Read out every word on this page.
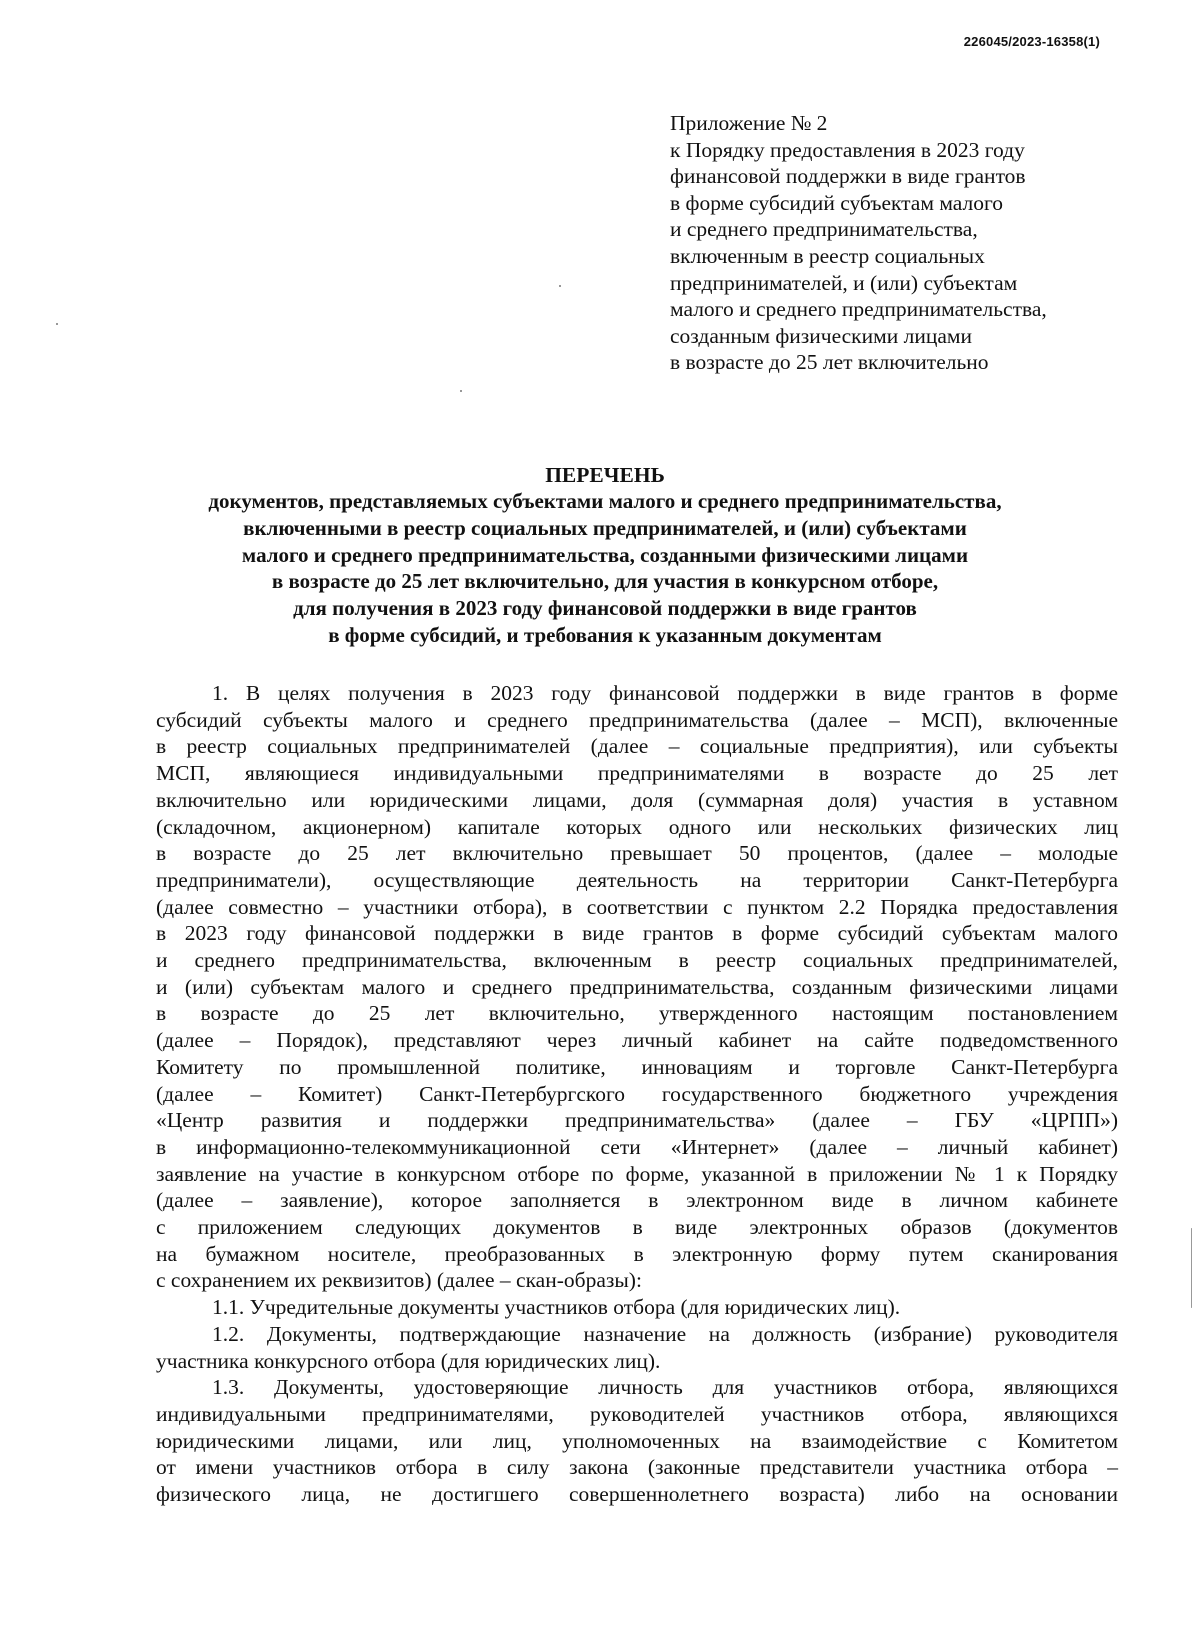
226045/2023-16358(1)
Приложение № 2
к Порядку предоставления в 2023 году
финансовой поддержки в виде грантов
в форме субсидий субъектам малого
и среднего предпринимательства,
включенным в реестр социальных
предпринимателей, и (или) субъектам
малого и среднего предпринимательства,
созданным физическими лицами
в возрасте до 25 лет включительно
ПЕРЕЧЕНЬ
документов, представляемых субъектами малого и среднего предпринимательства,
включенными в реестр социальных предпринимателей, и (или) субъектами
малого и среднего предпринимательства, созданными физическими лицами
в возрасте до 25 лет включительно, для участия в конкурсном отборе,
для получения в 2023 году финансовой поддержки в виде грантов
в форме субсидий, и требования к указанным документам
1. В целях получения в 2023 году финансовой поддержки в виде грантов в форме
субсидий субъекты малого и среднего предпринимательства (далее – МСП), включенные
в реестр социальных предпринимателей (далее – социальные предприятия), или субъекты
МСП, являющиеся индивидуальными предпринимателями в возрасте до 25 лет
включительно или юридическими лицами, доля (суммарная доля) участия в уставном
(складочном, акционерном) капитале которых одного или нескольких физических лиц
в возрасте до 25 лет включительно превышает 50 процентов, (далее – молодые
предприниматели), осуществляющие деятельность на территории Санкт-Петербурга
(далее совместно – участники отбора), в соответствии с пунктом 2.2 Порядка предоставления
в 2023 году финансовой поддержки в виде грантов в форме субсидий субъектам малого
и среднего предпринимательства, включенным в реестр социальных предпринимателей,
и (или) субъектам малого и среднего предпринимательства, созданным физическими лицами
в возрасте до 25 лет включительно, утвержденного настоящим постановлением
(далее – Порядок), представляют через личный кабинет на сайте подведомственного
Комитету по промышленной политике, инновациям и торговле Санкт-Петербурга
(далее – Комитет) Санкт-Петербургского государственного бюджетного учреждения
«Центр развития и поддержки предпринимательства» (далее – ГБУ «ЦРПП»)
в информационно-телекоммуникационной сети «Интернет» (далее – личный кабинет)
заявление на участие в конкурсном отборе по форме, указанной в приложении № 1 к Порядку
(далее – заявление), которое заполняется в электронном виде в личном кабинете
с приложением следующих документов в виде электронных образов (документов
на бумажном носителе, преобразованных в электронную форму путем сканирования
с сохранением их реквизитов) (далее – скан-образы):
1.1. Учредительные документы участников отбора (для юридических лиц).
1.2. Документы, подтверждающие назначение на должность (избрание) руководителя
участника конкурсного отбора (для юридических лиц).
1.3. Документы, удостоверяющие личность для участников отбора, являющихся
индивидуальными предпринимателями, руководителей участников отбора, являющихся
юридическими лицами, или лиц, уполномоченных на взаимодействие с Комитетом
от имени участников отбора в силу закона (законные представители участника отбора –
физического лица, не достигшего совершеннолетнего возраста) либо на основании
